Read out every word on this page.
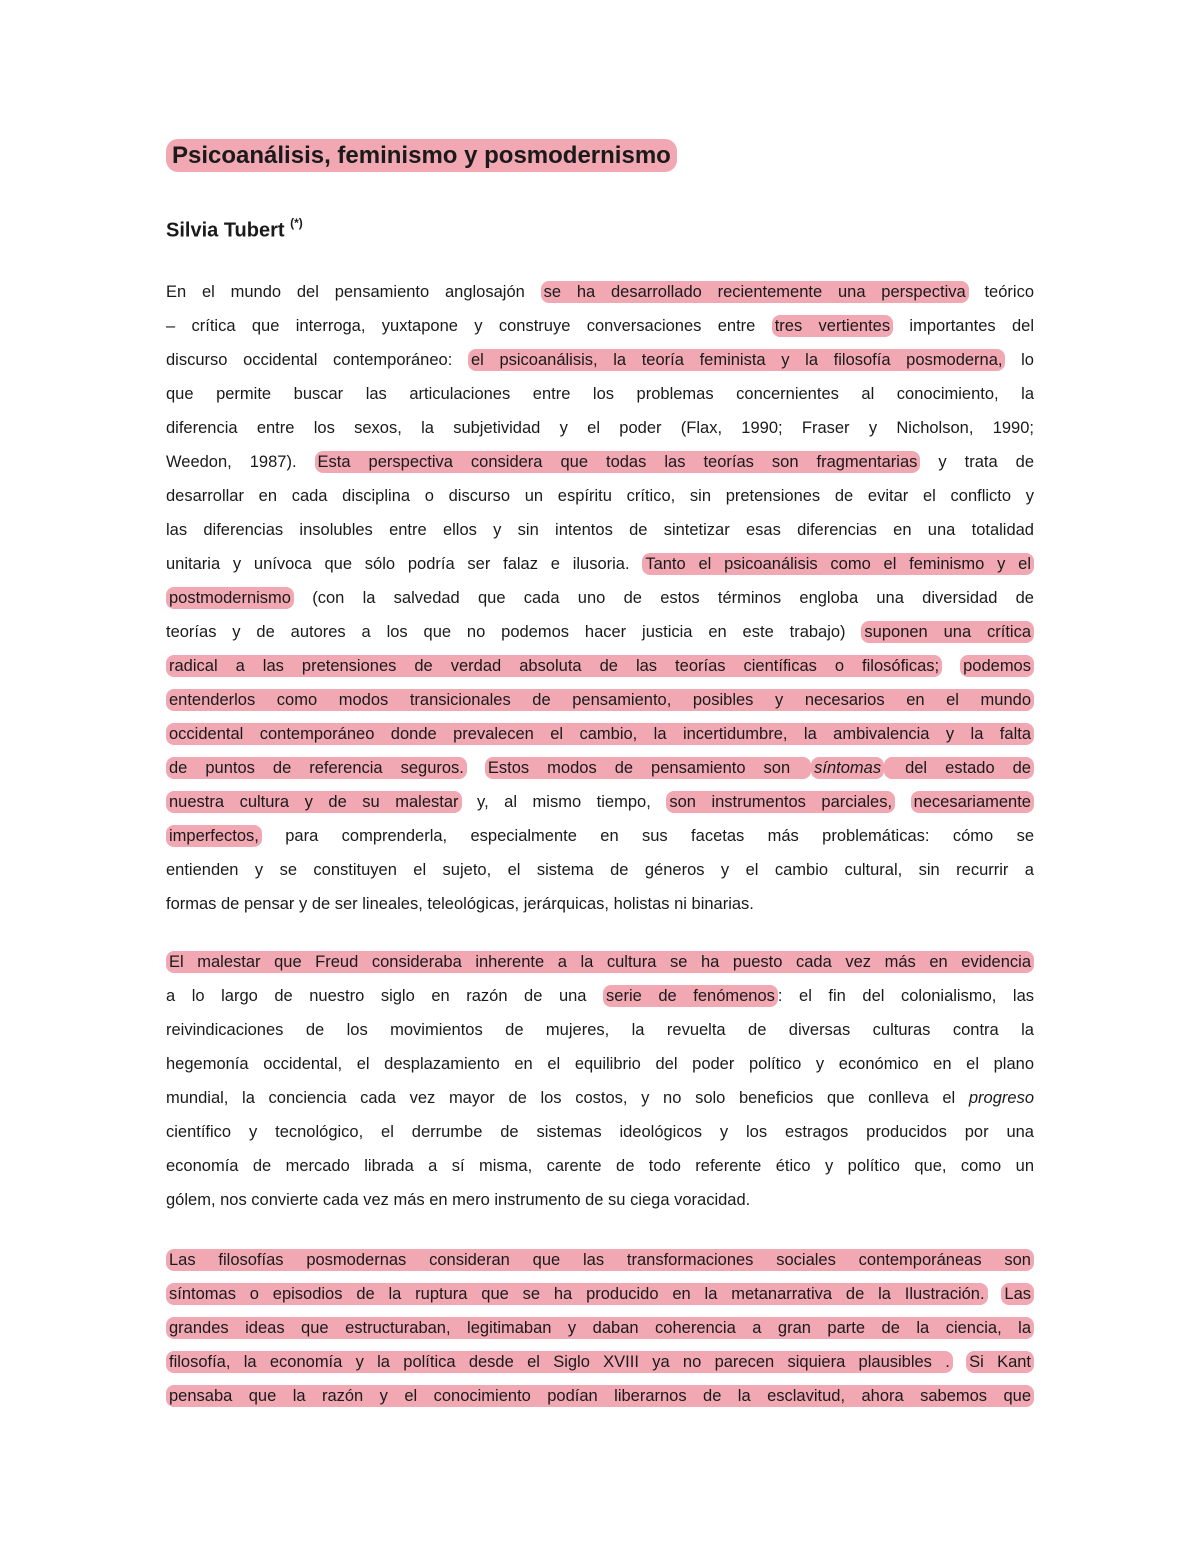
Psicoanálisis, feminismo y posmodernismo
Silvia Tubert (*)
En el mundo del pensamiento anglosajón se ha desarrollado recientemente una perspectiva teórico
– crítica que interroga, yuxtapone y construye conversaciones entre tres vertientes importantes del
discurso occidental contemporáneo: el psicoanálisis, la teoría feminista y la filosofía posmoderna, lo
que permite buscar las articulaciones entre los problemas concernientes al conocimiento, la
diferencia entre los sexos, la subjetividad y el poder (Flax, 1990; Fraser y Nicholson, 1990;
Weedon, 1987). Esta perspectiva considera que todas las teorías son fragmentarias y trata de
desarrollar en cada disciplina o discurso un espíritu crítico, sin pretensiones de evitar el conflicto y
las diferencias insolubles entre ellos y sin intentos de sintetizar esas diferencias en una totalidad
unitaria y unívoca que sólo podría ser falaz e ilusoria. Tanto el psicoanálisis como el feminismo y el
postmodernismo (con la salvedad que cada uno de estos términos engloba una diversidad de
teorías y de autores a los que no podemos hacer justicia en este trabajo) suponen una crítica
radical a las pretensiones de verdad absoluta de las teorías científicas o filosóficas; podemos
entenderlos como modos transicionales de pensamiento, posibles y necesarios en el mundo
occidental contemporáneo donde prevalecen el cambio, la incertidumbre, la ambivalencia y la falta
de puntos de referencia seguros. Estos modos de pensamiento son síntomas del estado de
nuestra cultura y de su malestar y, al mismo tiempo, son instrumentos parciales, necesariamente
imperfectos, para comprenderla, especialmente en sus facetas más problemáticas: cómo se
entienden y se constituyen el sujeto, el sistema de géneros y el cambio cultural, sin recurrir a
formas de pensar y de ser lineales, teleológicas, jerárquicas, holistas ni binarias.
El malestar que Freud consideraba inherente a la cultura se ha puesto cada vez más en evidencia
a lo largo de nuestro siglo en razón de una serie de fenómenos : el fin del colonialismo, las
reivindicaciones de los movimientos de mujeres, la revuelta de diversas culturas contra la
hegemonía occidental, el desplazamiento en el equilibrio del poder político y económico en el plano
mundial, la conciencia cada vez mayor de los costos, y no solo beneficios que conlleva el progreso
científico y tecnológico, el derrumbe de sistemas ideológicos y los estragos producidos por una
economía de mercado librada a sí misma, carente de todo referente ético y político que, como un
gólem, nos convierte cada vez más en mero instrumento de su ciega voracidad.
Las filosofías posmodernas consideran que las transformaciones sociales contemporáneas son
síntomas o episodios de la ruptura que se ha producido en la metanarrativa de la Ilustración. Las
grandes ideas que estructuraban, legitimaban y daban coherencia a gran parte de la ciencia, la
filosofía, la economía y la política desde el Siglo XVIII ya no parecen siquiera plausibles . Si Kant
pensaba que la razón y el conocimiento podían liberarnos de la esclavitud, ahora sabemos que
